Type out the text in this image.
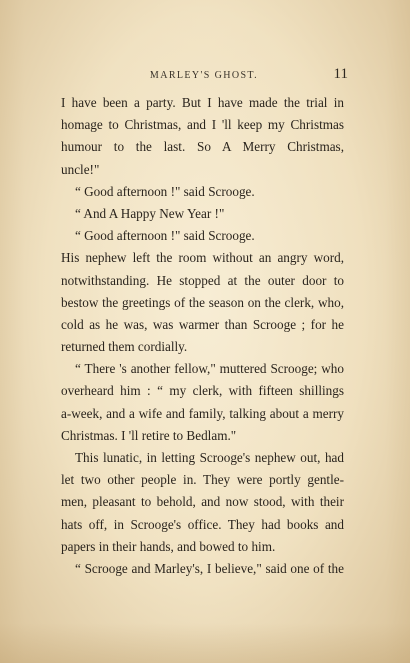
MARLEY'S GHOST.	11
I have been a party. But I have made the trial in
homage to Christmas, and I 'll keep my Christmas
humour to the last. So A Merry Christmas,
uncle!"
“ Good afternoon !" said Scrooge.
“ And A Happy New Year !"
“ Good afternoon !" said Scrooge.
His nephew left the room without an angry word,
notwithstanding. He stopped at the outer door to
bestow the greetings of the season on the clerk, who,
cold as he was, was warmer than Scrooge ; for he
returned them cordially.
“ There 's another fellow," muttered Scrooge; who
overheard him : “ my clerk, with fifteen shillings
a-week, and a wife and family, talking about a merry
Christmas. I 'll retire to Bedlam."
This lunatic, in letting Scrooge's nephew out, had
let two other people in. They were portly gentle-
men, pleasant to behold, and now stood, with their
hats off, in Scrooge's office. They had books and
papers in their hands, and bowed to him.
“ Scrooge and Marley's, I believe," said one of the
